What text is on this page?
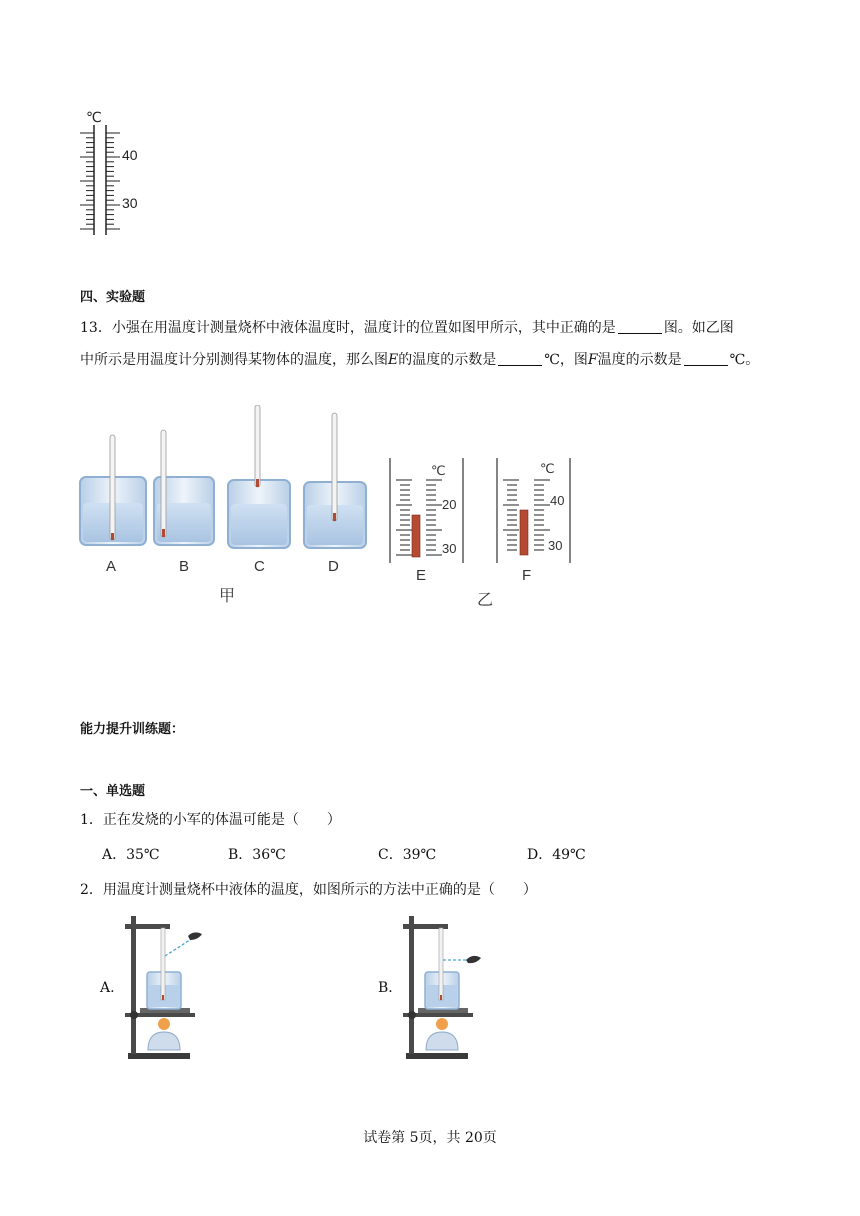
℃
40
30
四、实验题
13．小强在用温度计测量烧杯中液体温度时，温度计的位置如图甲所示，其中正确的是	图。如乙图
中所示是用温度计分别测得某物体的温度，那么图E的温度的示数是	℃，图F温度的示数是	℃。
A	B	C	D
甲
℃
20
30
E
℃
40
30
F
乙
能力提升训练题：
一、单选题
1．正在发烧的小军的体温可能是（　　）
A．35℃	B．36℃	C．39℃	D．49℃
2．用温度计测量烧杯中液体的温度，如图所示的方法中正确的是（　　）
A.	B.
试卷第 5页，共 20页
